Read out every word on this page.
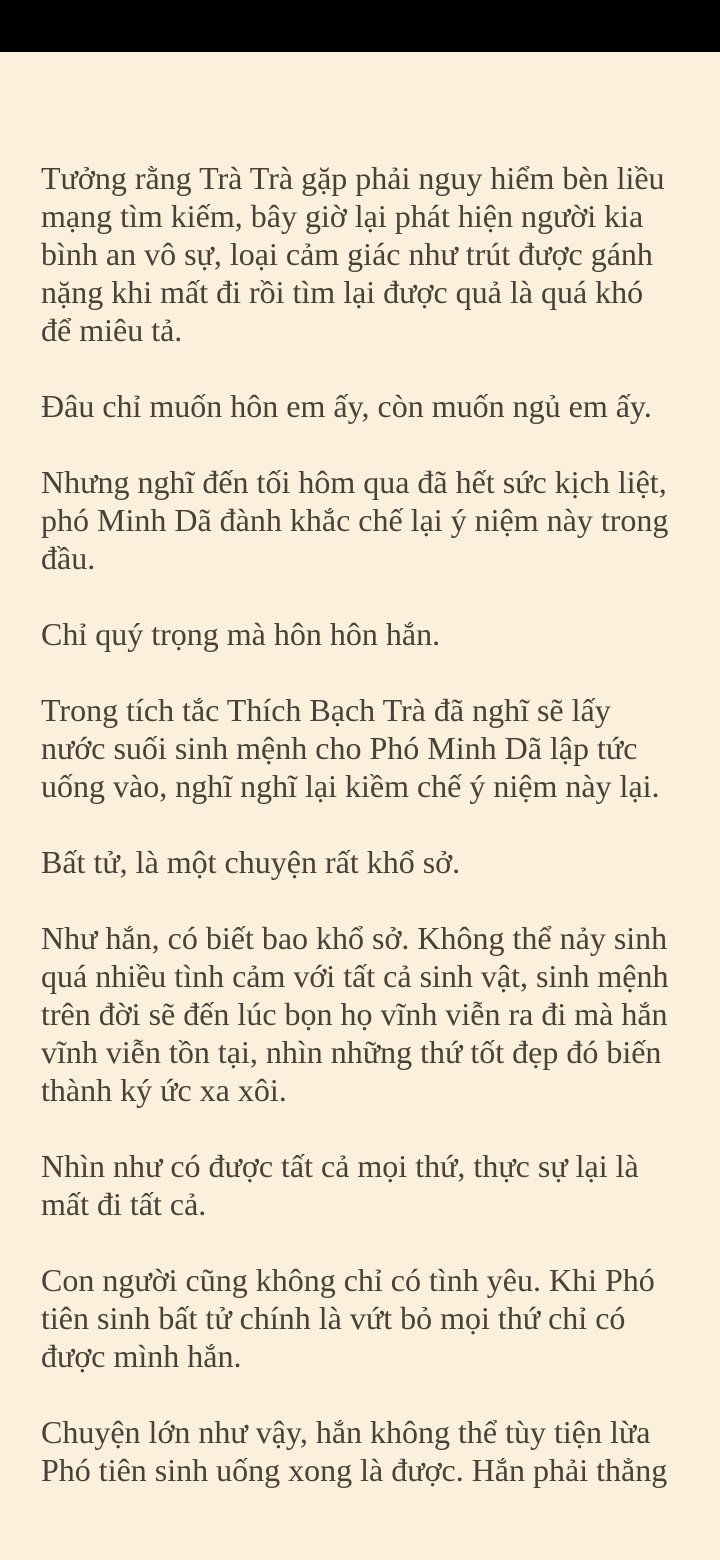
Tưởng rằng Trà Trà gặp phải nguy hiểm bèn liều mạng tìm kiếm, bây giờ lại phát hiện người kia bình an vô sự, loại cảm giác như trút được gánh nặng khi mất đi rồi tìm lại được quả là quá khó để miêu tả.

Đâu chỉ muốn hôn em ấy, còn muốn ngủ em ấy.

Nhưng nghĩ đến tối hôm qua đã hết sức kịch liệt, phó Minh Dã đành khắc chế lại ý niệm này trong đầu.

Chỉ quý trọng mà hôn hôn hắn.

Trong tích tắc Thích Bạch Trà đã nghĩ sẽ lấy nước suối sinh mệnh cho Phó Minh Dã lập tức uống vào, nghĩ nghĩ lại kiềm chế ý niệm này lại.

Bất tử, là một chuyện rất khổ sở.

Như hắn, có biết bao khổ sở. Không thể nảy sinh quá nhiều tình cảm với tất cả sinh vật, sinh mệnh trên đời sẽ đến lúc bọn họ vĩnh viễn ra đi mà hắn vĩnh viễn tồn tại, nhìn những thứ tốt đẹp đó biến thành ký ức xa xôi.

Nhìn như có được tất cả mọi thứ, thực sự lại là mất đi tất cả.

Con người cũng không chỉ có tình yêu. Khi Phó tiên sinh bất tử chính là vứt bỏ mọi thứ chỉ có được mình hắn.

Chuyện lớn như vậy, hắn không thể tùy tiện lừa Phó tiên sinh uống xong là được. Hắn phải thẳng
